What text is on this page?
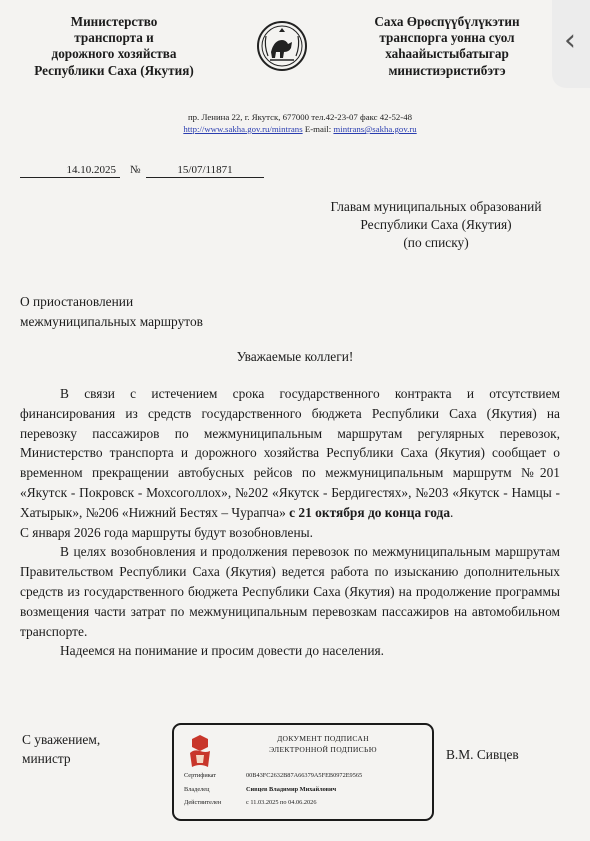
Министерство
транспорта и
дорожного хозяйства
Республики Саха (Якутия)
Саха Өрөспүүбүлүкэтин
транспорга уонна суол
хаhаайыстыбатыгар
министиэристибэтэ
‹
пр. Ленина 22, г. Якутск, 677000 тел.42-23-07 факс 42-52-48
http://www.sakha.gov.ru/mintrans E-mail: mintrans@sakha.gov.ru
14.10.2025	№	15/07/11871
Главам муниципальных образований
Республики Саха (Якутия)
(по списку)
О приостановлении
межмуниципальных маршрутов
Уважаемые коллеги!

В связи с истечением срока государственного контракта и отсутствием финансирования из средств государственного бюджета Республики Саха (Якутия) на перевозку пассажиров по межмуниципальным маршрутам регулярных перевозок, Министерство транспорта и дорожного хозяйства Республики Саха (Якутия) сообщает о временном прекращении автобусных рейсов по межмуниципальным маршрутм №201 «Якутск - Покровск - Мохсоголлох», №202 «Якутск - Бердигестях», №203 «Якутск - Намцы - Хатырык», №206 «Нижний Бестях – Чурапча» с 21 октября до конца года.

С января 2026 года маршруты будут возобновлены.

В целях возобновления и продолжения перевозок по межмуниципальным маршрутам Правительством Республики Саха (Якутия) ведется работа по изысканию дополнительных средств из государственного бюджета Республики Саха (Якутия) на продолжение программы возмещения части затрат по межмуниципальным перевозкам пассажиров на автомобильном транспорте.

Надеемся на понимание и просим довести до населения.

С уважением,
министр
ДОКУМЕНТ ПОДПИСАН
ЭЛЕКТРОННОЙ ПОДПИСЬЮ
Сертификат	00B43FC2632B87A66379A5FEB0972E9565
Владелец	Сивцев Владимир Михайлович
Действителен	с 11.03.2025 по 04.06.2026
В.М. Сивцев
